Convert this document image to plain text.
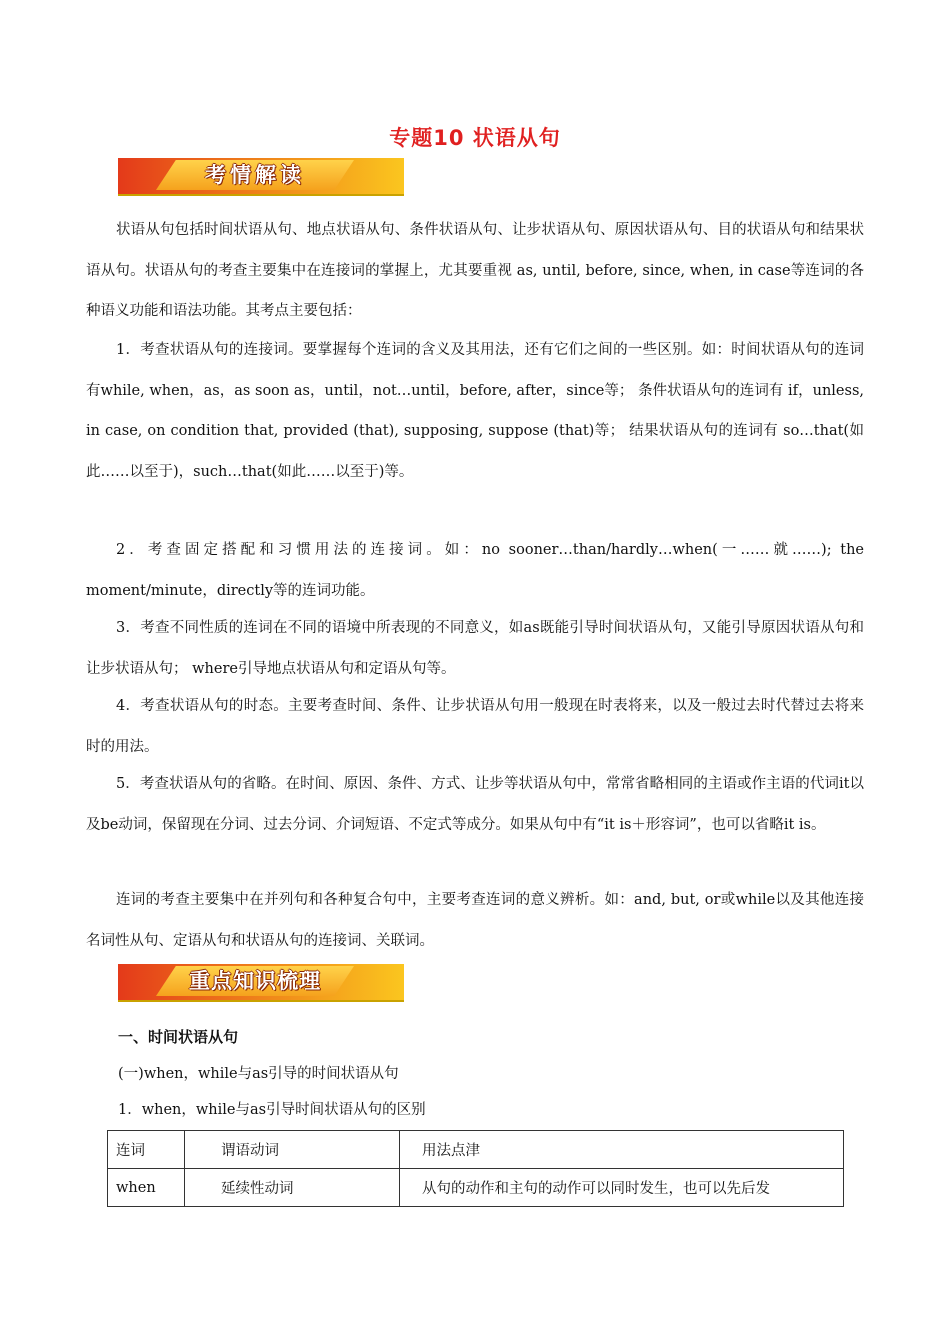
专题10 状语从句
考情解读

状语从句包括时间状语从句、地点状语从句、条件状语从句、让步状语从句、原因状语从句、目的状语从句和结果状语从句。状语从句的考查主要集中在连接词的掌握上，尤其要重视 as, until, before, since, when, in case等连词的各种语义功能和语法功能。其考点主要包括：

1．考查状语从句的连接词。要掌握每个连词的含义及其用法，还有它们之间的一些区别。如：时间状语从句的连词有while, when，as，as soon as，until，not…until，before, after，since等； 条件状语从句的连词有 if，unless, in case, on condition that, provided (that), supposing, suppose (that)等； 结果状语从句的连词有 so…that(如此……以至于)，such…that(如此……以至于)等。

2．考查固定搭配和习惯用法的连接词。如：no sooner…than/hardly…when(一……就……); the moment/minute，directly等的连词功能。

3．考查不同性质的连词在不同的语境中所表现的不同意义，如as既能引导时间状语从句，又能引导原因状语从句和让步状语从句； where引导地点状语从句和定语从句等。

4．考查状语从句的时态。主要考查时间、条件、让步状语从句用一般现在时表将来，以及一般过去时代替过去将来时的用法。

5．考查状语从句的省略。在时间、原因、条件、方式、让步等状语从句中，常常省略相同的主语或作主语的代词it以及be动词，保留现在分词、过去分词、介词短语、不定式等成分。如果从句中有“it is＋形容词”，也可以省略it is。

连词的考查主要集中在并列句和各种复合句中，主要考查连词的意义辨析。如：and, but, or或while以及其他连接名词性从句、定语从句和状语从句的连接词、关联词。

重点知识梳理
一、时间状语从句
(一)when，while与as引导的时间状语从句
1．when，while与as引导时间状语从句的区别
连词	谓语动词	用法点津
when	延续性动词	从句的动作和主句的动作可以同时发生，也可以先后发
